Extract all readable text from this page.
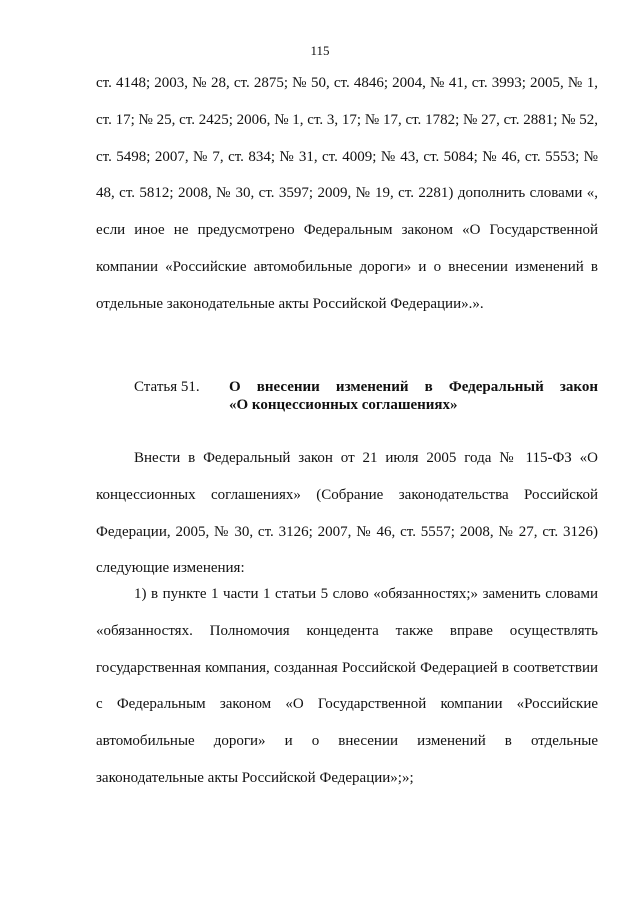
115

ст. 4148; 2003, № 28, ст. 2875; № 50, ст. 4846; 2004, № 41, ст. 3993; 2005, № 1, ст. 17; № 25, ст. 2425; 2006, № 1, ст. 3, 17; № 17, ст. 1782; № 27, ст. 2881; № 52, ст. 5498; 2007, № 7, ст. 834; № 31, ст. 4009; № 43, ст. 5084; № 46, ст. 5553; № 48, ст. 5812; 2008, № 30, ст. 3597; 2009, № 19, ст. 2281) дополнить словами «, если иное не предусмотрено Федеральным законом «О Государственной компании «Российские автомобильные дороги» и о внесении изменений в отдельные законодательные акты Российской Федерации».».

Статья 51. О внесении изменений в Федеральный закон
«О концессионных соглашениях»

Внести в Федеральный закон от 21 июля 2005 года № 115-ФЗ «О концессионных соглашениях» (Собрание законодательства Российской Федерации, 2005, № 30, ст. 3126; 2007, № 46, ст. 5557; 2008, № 27, ст. 3126) следующие изменения:

1) в пункте 1 части 1 статьи 5 слово «обязанностях;» заменить словами «обязанностях. Полномочия концедента также вправе осуществлять государственная компания, созданная Российской Федерацией в соответствии с Федеральным законом «О Государственной компании «Российские автомобильные дороги» и о внесении изменений в отдельные законодательные акты Российской Федерации»;»;
